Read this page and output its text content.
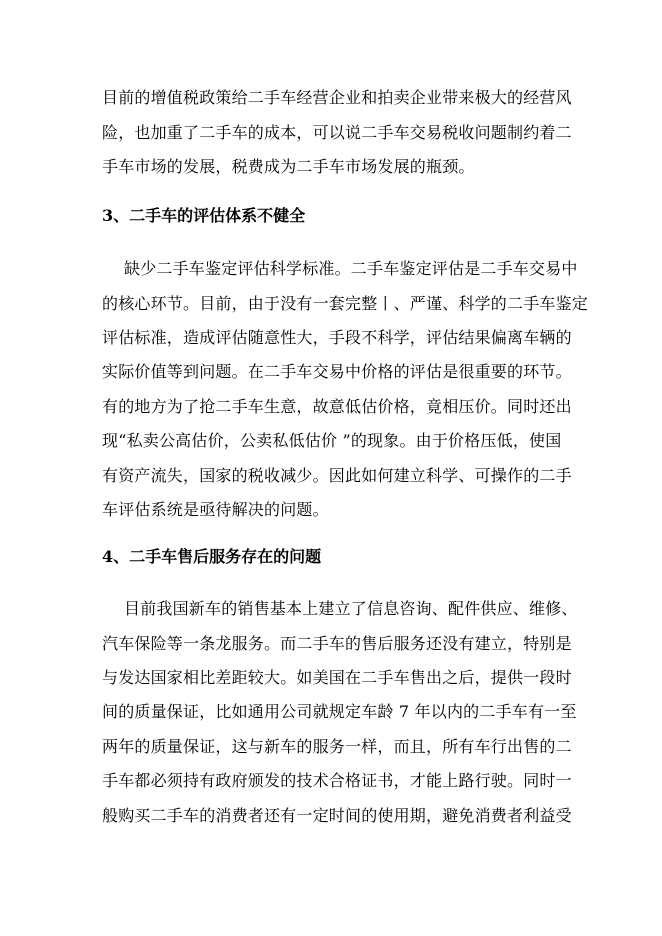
目前的增值税政策给二手车经营企业和拍卖企业带来极大的经营风
险，也加重了二手车的成本，可以说二手车交易税收问题制约着二
手车市场的发展，税费成为二手车市场发展的瓶颈。
3、二手车的评估体系不健全
缺少二手车鉴定评估科学标准。二手车鉴定评估是二手车交易中
的核心环节。目前，由于没有一套完整丨、严谨、科学的二手车鉴定
评估标准，造成评估随意性大，手段不科学，评估结果偏离车辆的
实际价值等到问题。在二手车交易中价格的评估是很重要的环节。
有的地方为了抢二手车生意，故意低估价格，竟相压价。同时还出
现“私卖公高估价，公卖私低估价 ”的现象。由于价格压低，使国
有资产流失，国家的税收减少。因此如何建立科学、可操作的二手
车评估系统是亟待解决的问题。
4、二手车售后服务存在的问题
目前我国新车的销售基本上建立了信息咨询、配件供应、维修、
汽车保险等一条龙服务。而二手车的售后服务还没有建立，特别是
与发达国家相比差距较大。如美国在二手车售出之后，提供一段时
间的质量保证，比如通用公司就规定车龄 7 年以内的二手车有一至
两年的质量保证，这与新车的服务一样，而且，所有车行出售的二
手车都必须持有政府颁发的技术合格证书，才能上路行驶。同时一
般购买二手车的消费者还有一定时间的使用期，避免消费者利益受
